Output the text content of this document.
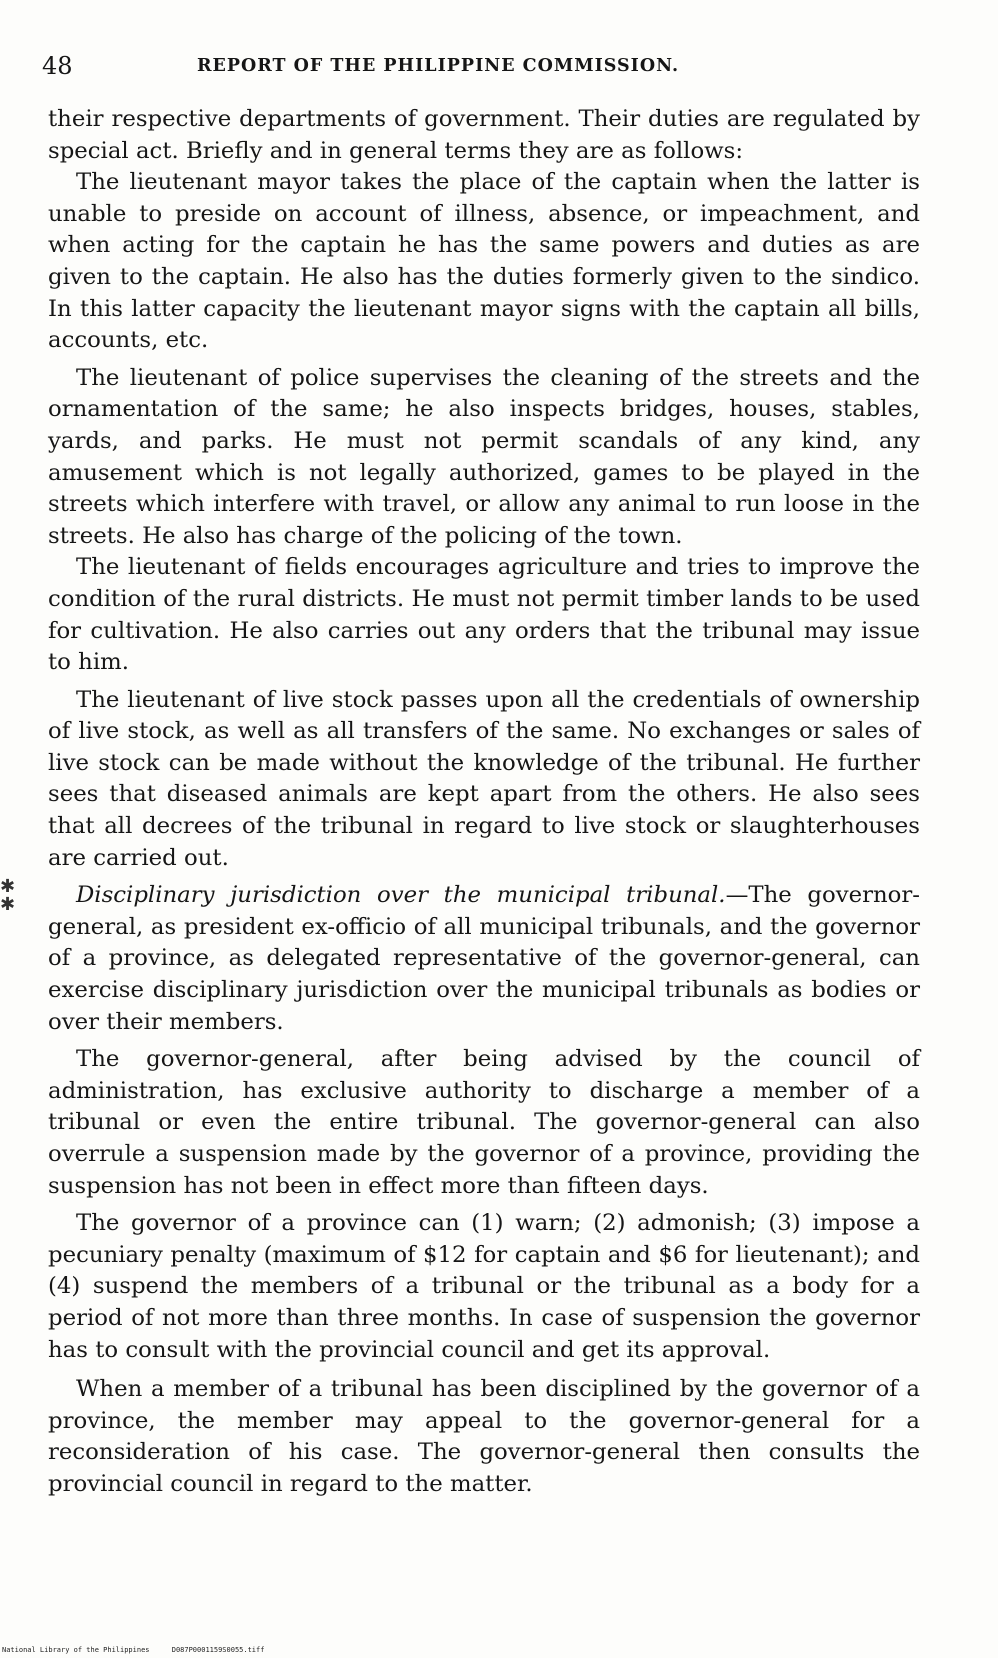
48	REPORT OF THE PHILIPPINE COMMISSION.
✱
✱

their respective departments of government. Their duties are regulated by special act. Briefly and in general terms they are as follows:

The lieutenant mayor takes the place of the captain when the latter is unable to preside on account of illness, absence, or impeachment, and when acting for the captain he has the same powers and duties as are given to the captain. He also has the duties formerly given to the sindico. In this latter capacity the lieutenant mayor signs with the captain all bills, accounts, etc.

The lieutenant of police supervises the cleaning of the streets and the ornamentation of the same; he also inspects bridges, houses, stables, yards, and parks. He must not permit scandals of any kind, any amusement which is not legally authorized, games to be played in the streets which interfere with travel, or allow any animal to run loose in the streets. He also has charge of the policing of the town.

The lieutenant of fields encourages agriculture and tries to improve the condition of the rural districts. He must not permit timber lands to be used for cultivation. He also carries out any orders that the tribunal may issue to him.

The lieutenant of live stock passes upon all the credentials of ownership of live stock, as well as all transfers of the same. No exchanges or sales of live stock can be made without the knowledge of the tribunal. He further sees that diseased animals are kept apart from the others. He also sees that all decrees of the tribunal in regard to live stock or slaughterhouses are carried out.

Disciplinary jurisdiction over the municipal tribunal.—The governor-general, as president ex-officio of all municipal tribunals, and the governor of a province, as delegated representative of the governor-general, can exercise disciplinary jurisdiction over the municipal tribunals as bodies or over their members.

The governor-general, after being advised by the council of administration, has exclusive authority to discharge a member of a tribunal or even the entire tribunal. The governor-general can also overrule a suspension made by the governor of a province, providing the suspension has not been in effect more than fifteen days.

The governor of a province can (1) warn; (2) admonish; (3) impose a pecuniary penalty (maximum of $12 for captain and $6 for lieutenant); and (4) suspend the members of a tribunal or the tribunal as a body for a period of not more than three months. In case of suspension the governor has to consult with the provincial council and get its approval.

When a member of a tribunal has been disciplined by the governor of a province, the member may appeal to the governor-general for a reconsideration of his case. The governor-general then consults the provincial council in regard to the matter.

National Library of the Philippines	D087P0001159S0055.tiff
